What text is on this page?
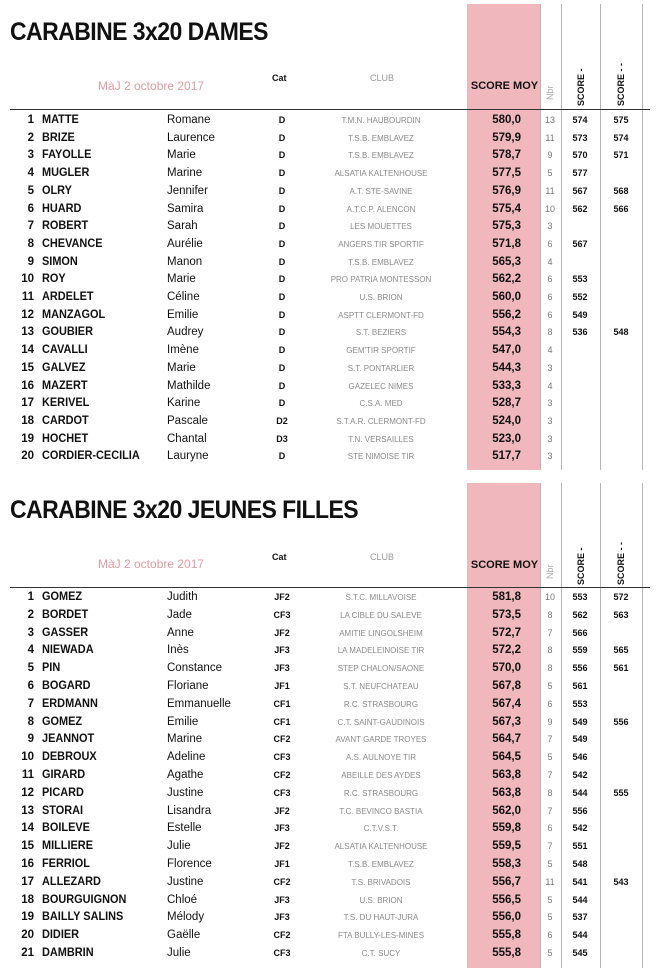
CARABINE 3x20 DAMES
MàJ 2 octobre 2017
Cat	CLUB
SCORE MOY Nbr SCORE -	SCORE - -
1 MATTE	Romane	D	T.M.N. HAUBOURDIN	580,0	13	574	575
2 BRIZE	Laurence	D	T.S.B. EMBLAVEZ	579,9	11	573	574
3 FAYOLLE	Marie	D	T.S.B. EMBLAVEZ	578,7	9	570	571
4 MUGLER	Marine	D	ALSATIA KALTENHOUSE	577,5	5	577
5 OLRY	Jennifer	D	A.T. STE-SAVINE	576,9	11	567	568
6 HUARD	Samira	D	A.T.C.P. ALENCON	575,4	10	562	566
7 ROBERT	Sarah	D	LES MOUETTES	575,3	3
8 CHEVANCE	Aurélie	D	ANGERS TIR SPORTIF	571,8	6	567
9 SIMON	Manon	D	T.S.B. EMBLAVEZ	565,3	4
10 ROY	Marie	D	PRO PATRIA MONTESSON	562,2	6	553
11 ARDELET	Céline	D	U.S. BRION	560,0	6	552
12 MANZAGOL	Emilie	D	ASPTT CLERMONT-FD	556,2	6	549
13 GOUBIER	Audrey	D	S.T. BEZIERS	554,3	8	536	548
14 CAVALLI	Imène	D	GEM'TIR SPORTIF	547,0	4
15 GALVEZ	Marie	D	S.T. PONTARLIER	544,3	3
16 MAZERT	Mathilde	D	GAZELEC NIMES	533,3	4
17 KERIVEL	Karine	D	C.S.A. MED	528,7	3
18 CARDOT	Pascale	D2	S.T.A.R. CLERMONT-FD	524,0	3
19 HOCHET	Chantal	D3	T.N. VERSAILLES	523,0	3
20 CORDIER-CECILIA Lauryne	D	STE NIMOISE TIR	517,7	3
CARABINE 3x20 JEUNES FILLES
MàJ 2 octobre 2017	Cat	CLUB
SCORE MOY Nbr SCORE -	SCORE - -
1 GOMEZ	Judith	JF2	S.T.C. MILLAVOISE	581,8	10	553	572
2 BORDET	Jade	CF3	LA CIBLE DU SALEVE	573,5	8	562	563
3 GASSER	Anne	JF2	AMITIE LINGOLSHEIM	572,7	7	566
4 NIEWADA	Inès	JF3	LA MADELEINOISE TIR	572,2	8	559	565
5 PIN	Constance	JF3	STEP CHALON/SAONE	570,0	8	556	561
6 BOGARD	Floriane	JF1	S.T. NEUFCHATEAU	567,8	5	561
7 ERDMANN	Emmanuelle	CF1	R.C. STRASBOURG	567,4	6	553
8 GOMEZ	Emilie	CF1	C.T. SAINT-GAUDINOIS	567,3	9	549	556
9 JEANNOT	Marine	CF2	AVANT GARDE TROYES	564,7	7	549
10 DEBROUX	Adeline	CF3	A.S. AULNOYE TIR	564,5	5	546
11 GIRARD	Agathe	CF2	ABEILLE DES AYDES	563,8	7	542
12 PICARD	Justine	CF3	R.C. STRASBOURG	563,8	8	544	555
13 STORAI	Lisandra	JF2	T.C. BEVINCO BASTIA	562,0	7	556
14 BOILEVE	Estelle	JF3	C.T.V.S.T.	559,8	6	542
15 MILLIERE	Julie	JF2	ALSATIA KALTENHOUSE	559,5	7	551
16 FERRIOL	Florence	JF1	T.S.B. EMBLAVEZ	558,3	5	548
17 ALLEZARD	Justine	CF2	T.S. BRIVADOIS	556,7	11	541	543
18 BOURGUIGNON	Chloé	JF3	U.S. BRION	556,5	5	544
19 BAILLY SALINS	Mélody	JF3	T.S. DU HAUT-JURA	556,0	5	537
20 DIDIER	Gaëlle	CF2	FTA BULLY-LES-MINES	555,8	6	544
21 DAMBRIN	Julie	CF3	C.T. SUCY	555,8	5	545
